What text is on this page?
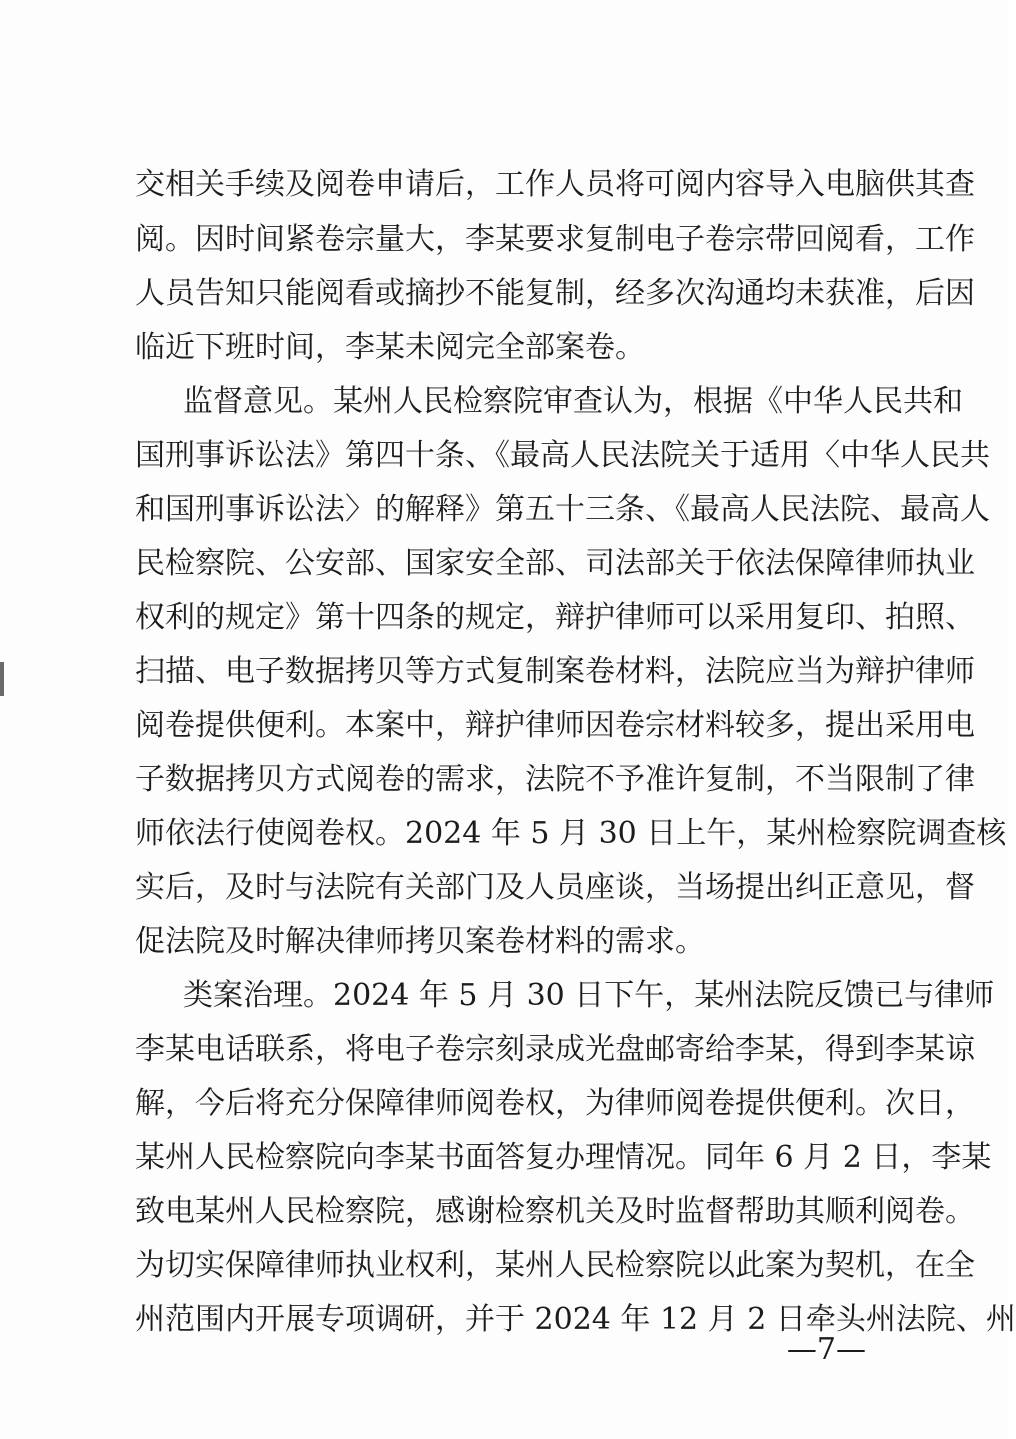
交相关手续及阅卷申请后，工作人员将可阅内容导入电脑供其查
阅。因时间紧卷宗量大，李某要求复制电子卷宗带回阅看，工作
人员告知只能阅看或摘抄不能复制，经多次沟通均未获准，后因
临近下班时间，李某未阅完全部案卷。
监督意见。某州人民检察院审查认为，根据《中华人民共和
国刑事诉讼法》第四十条、《最高人民法院关于适用〈中华人民共
和国刑事诉讼法〉的解释》第五十三条、《最高人民法院、最高人
民检察院、公安部、国家安全部、司法部关于依法保障律师执业
权利的规定》第十四条的规定，辩护律师可以采用复印、拍照、
扫描、电子数据拷贝等方式复制案卷材料，法院应当为辩护律师
阅卷提供便利。本案中，辩护律师因卷宗材料较多，提出采用电
子数据拷贝方式阅卷的需求，法院不予准许复制，不当限制了律
师依法行使阅卷权。2024 年 5 月 30 日上午，某州检察院调查核
实后，及时与法院有关部门及人员座谈，当场提出纠正意见，督
促法院及时解决律师拷贝案卷材料的需求。
类案治理。2024 年 5 月 30 日下午，某州法院反馈已与律师
李某电话联系，将电子卷宗刻录成光盘邮寄给李某，得到李某谅
解，今后将充分保障律师阅卷权，为律师阅卷提供便利。次日，
某州人民检察院向李某书面答复办理情况。同年 6 月 2 日，李某
致电某州人民检察院，感谢检察机关及时监督帮助其顺利阅卷。
为切实保障律师执业权利，某州人民检察院以此案为契机，在全
州范围内开展专项调研，并于 2024 年 12 月 2 日牵头州法院、州
—7—
